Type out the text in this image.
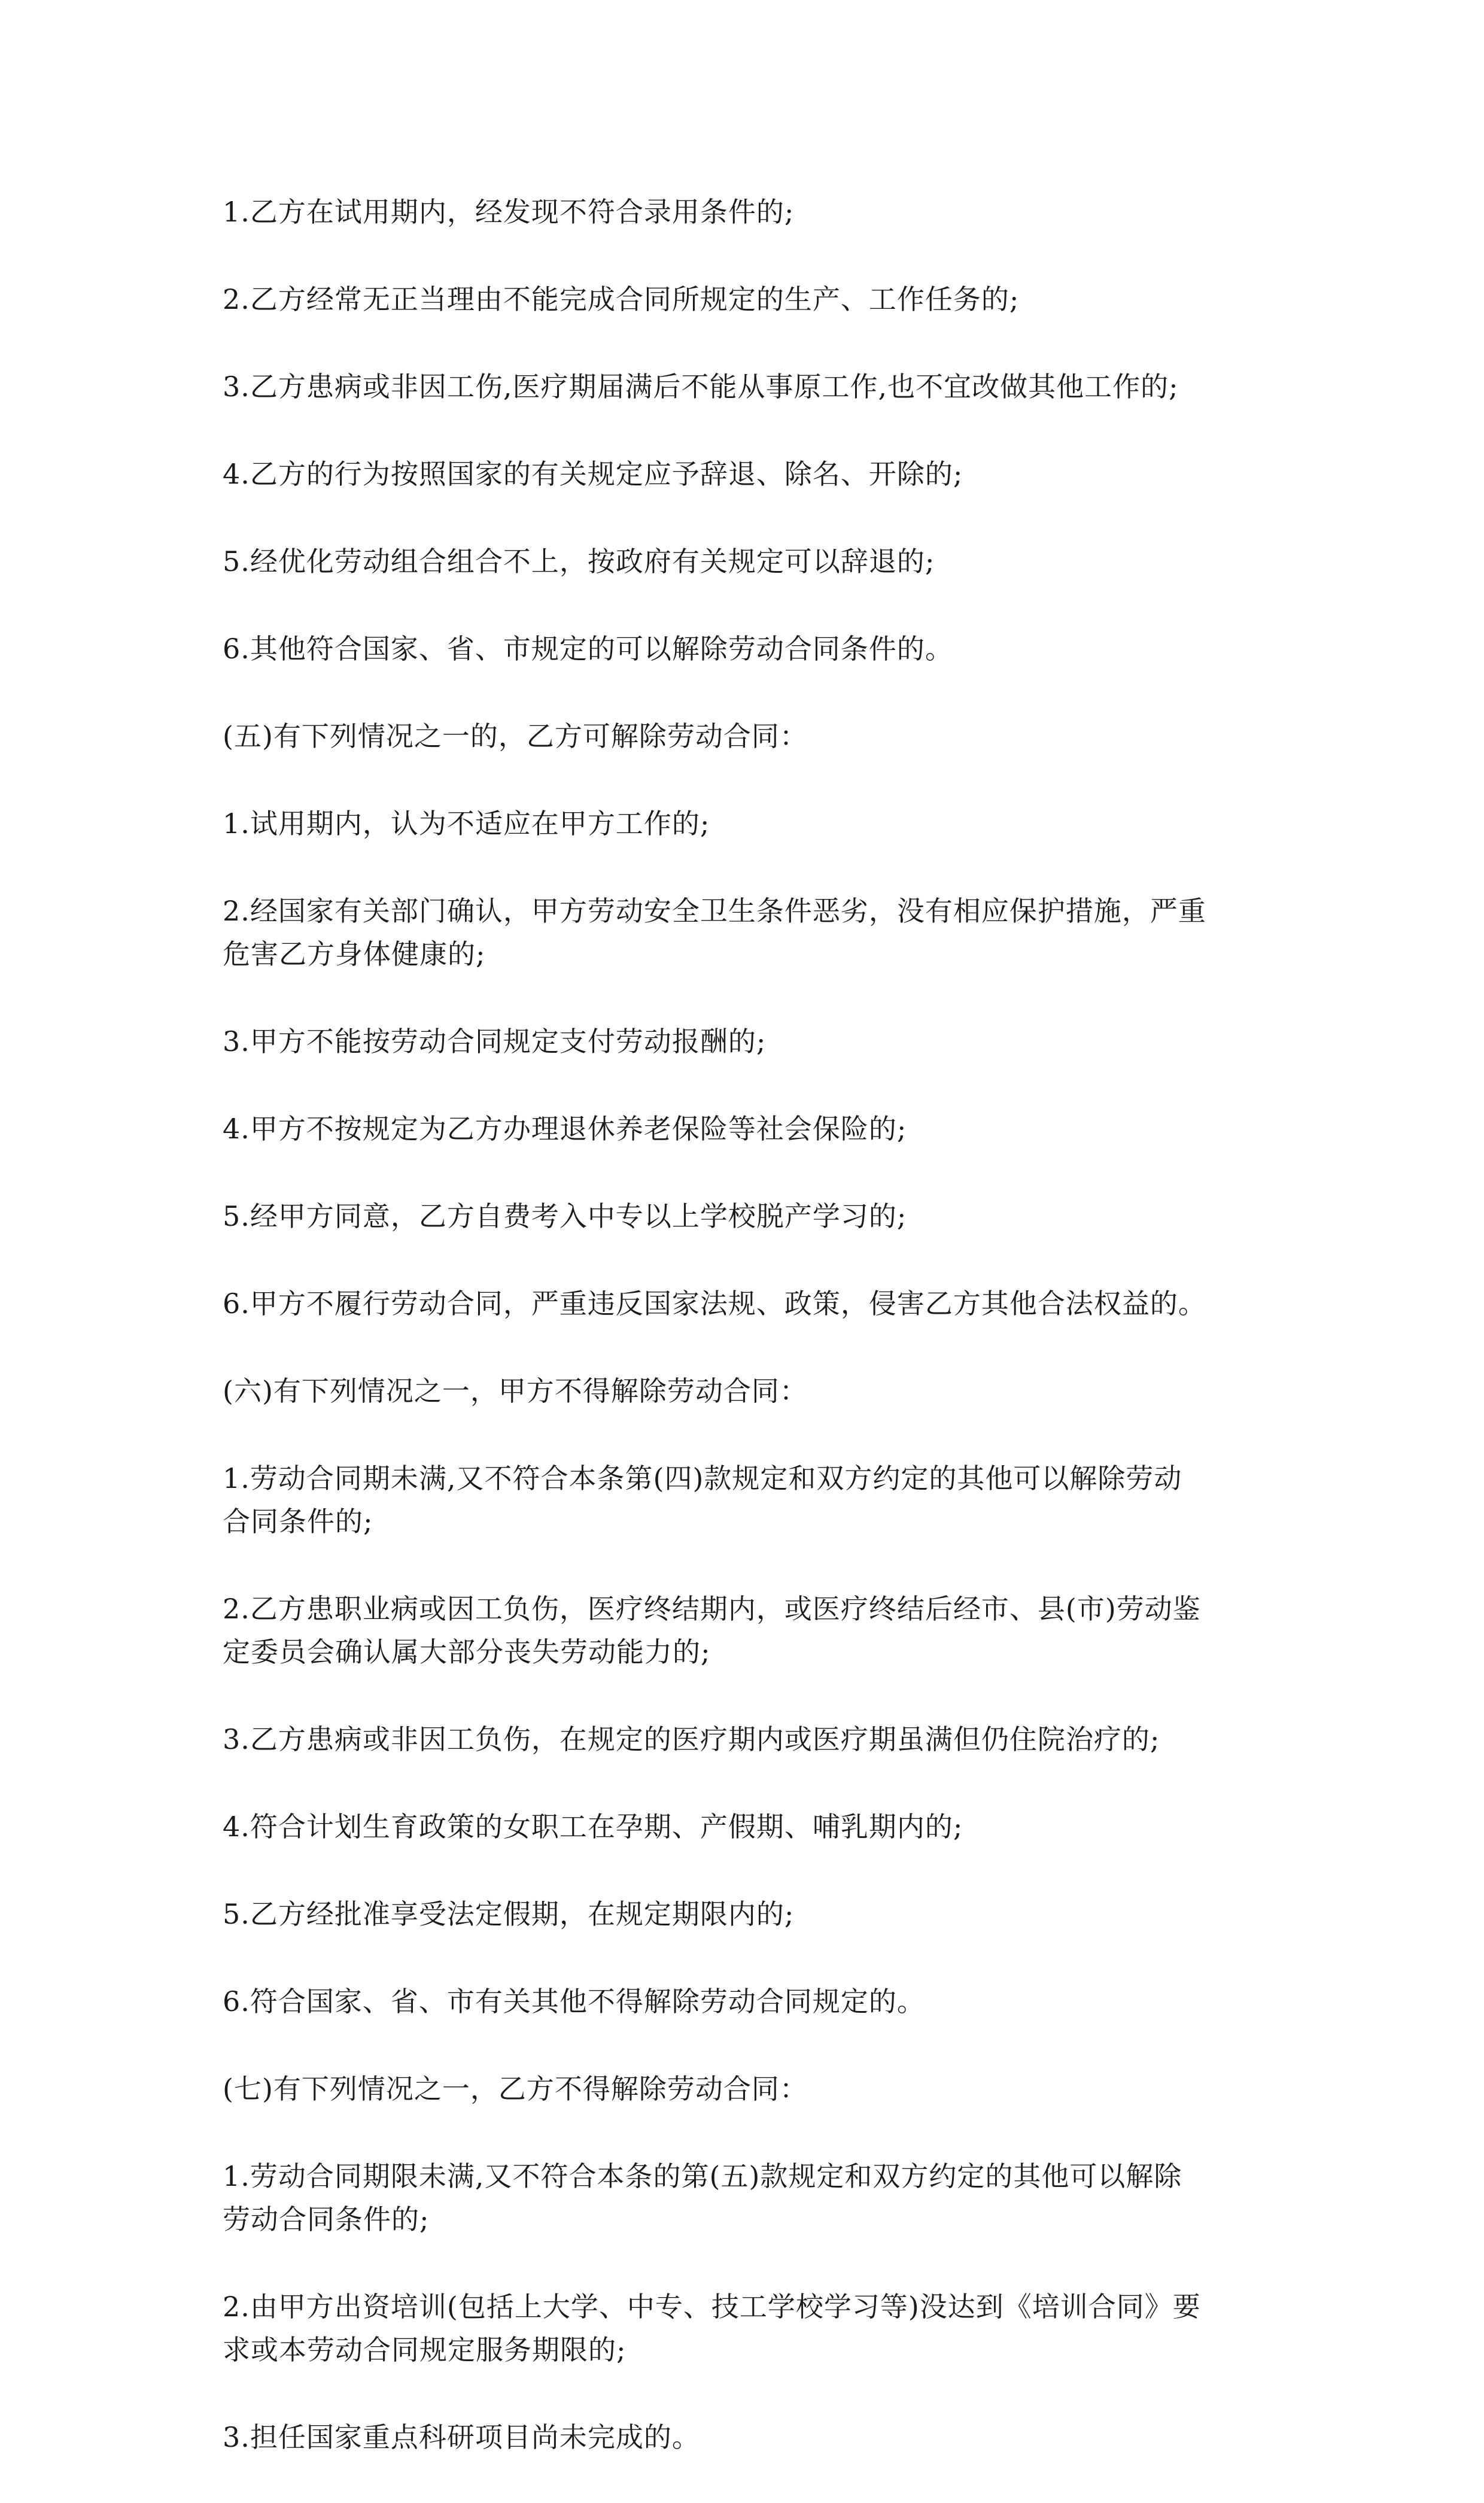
1.乙方在试用期内，经发现不符合录用条件的;

2.乙方经常无正当理由不能完成合同所规定的生产、工作任务的;

3.乙方患病或非因工伤,医疗期届满后不能从事原工作,也不宜改做其他工作的;

4.乙方的行为按照国家的有关规定应予辞退、除名、开除的;

5.经优化劳动组合组合不上，按政府有关规定可以辞退的;

6.其他符合国家、省、市规定的可以解除劳动合同条件的。

(五)有下列情况之一的，乙方可解除劳动合同：

1.试用期内，认为不适应在甲方工作的;

2.经国家有关部门确认，甲方劳动安全卫生条件恶劣，没有相应保护措施，严重

危害乙方身体健康的;

3.甲方不能按劳动合同规定支付劳动报酬的;

4.甲方不按规定为乙方办理退休养老保险等社会保险的;

5.经甲方同意，乙方自费考入中专以上学校脱产学习的;

6.甲方不履行劳动合同，严重违反国家法规、政策，侵害乙方其他合法权益的。

(六)有下列情况之一，甲方不得解除劳动合同：

1.劳动合同期未满,又不符合本条第(四)款规定和双方约定的其他可以解除劳动

合同条件的;

2.乙方患职业病或因工负伤，医疗终结期内，或医疗终结后经市、县(市)劳动鉴

定委员会确认属大部分丧失劳动能力的;

3.乙方患病或非因工负伤，在规定的医疗期内或医疗期虽满但仍住院治疗的;

4.符合计划生育政策的女职工在孕期、产假期、哺乳期内的;

5.乙方经批准享受法定假期，在规定期限内的;

6.符合国家、省、市有关其他不得解除劳动合同规定的。

(七)有下列情况之一，乙方不得解除劳动合同：

1.劳动合同期限未满,又不符合本条的第(五)款规定和双方约定的其他可以解除

劳动合同条件的;

2.由甲方出资培训(包括上大学、中专、技工学校学习等)没达到《培训合同》要

求或本劳动合同规定服务期限的;

3.担任国家重点科研项目尚未完成的。
